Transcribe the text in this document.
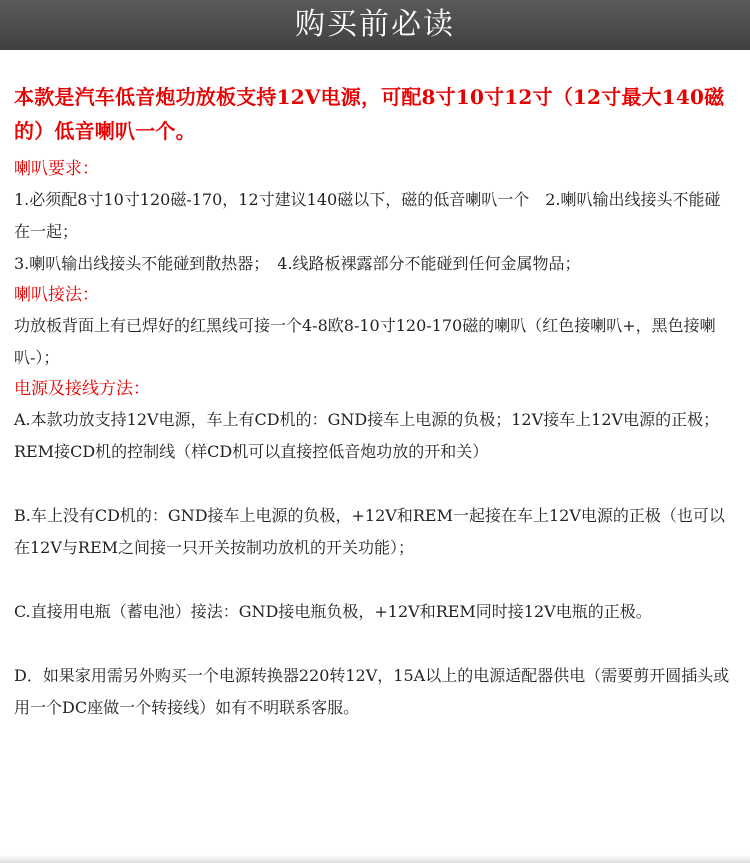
购买前必读

本款是汽车低音炮功放板支持12V电源，可配8寸10寸12寸（12寸最大140磁的）低音喇叭一个。

喇叭要求：

1.必须配8寸10寸120磁-170，12寸建议140磁以下，磁的低音喇叭一个　2.喇叭输出线接头不能碰在一起；

3.喇叭输出线接头不能碰到散热器；　4.线路板裸露部分不能碰到任何金属物品；

喇叭接法：

功放板背面上有已焊好的红黑线可接一个4-8欧8-10寸120-170磁的喇叭（红色接喇叭+，黑色接喇叭-）；

电源及接线方法：

A.本款功放支持12V电源，车上有CD机的：GND接车上电源的负极；12V接车上12V电源的正极；REM接CD机的控制线（样CD机可以直接控低音炮功放的开和关）

B.车上没有CD机的：GND接车上电源的负极，+12V和REM一起接在车上12V电源的正极（也可以在12V与REM之间接一只开关按制功放机的开关功能）；

C.直接用电瓶（蓄电池）接法：GND接电瓶负极，+12V和REM同时接12V电瓶的正极。

D．如果家用需另外购买一个电源转换器220转12V，15A以上的电源适配器供电（需要剪开圆插头或用一个DC座做一个转接线）如有不明联系客服。
